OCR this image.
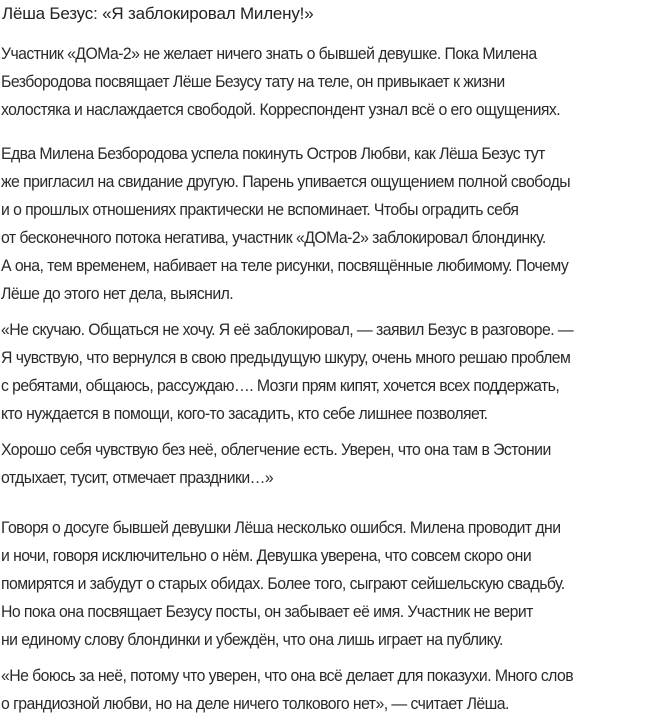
Лёша Безус: «Я заблокировал Милену!»
Участник «ДОМа-2» не желает ничего знать о бывшей девушке. Пока Милена
Безбородова посвящает Лёше Безусу тату на теле, он привыкает к жизни
холостяка и наслаждается свободой. Корреспондент узнал всё о его ощущениях.
Едва Милена Безбородова успела покинуть Остров Любви, как Лёша Безус тут
же пригласил на свидание другую. Парень упивается ощущением полной свободы
и о прошлых отношениях практически не вспоминает. Чтобы оградить себя
от бесконечного потока негатива, участник «ДОМа-2» заблокировал блондинку.
А она, тем временем, набивает на теле рисунки, посвящённые любимому. Почему
Лёше до этого нет дела, выяснил.
«Не скучаю. Общаться не хочу. Я её заблокировал, — заявил Безус в разговоре. —
Я чувствую, что вернулся в свою предыдущую шкуру, очень много решаю проблем
с ребятами, общаюсь, рассуждаю…. Мозги прям кипят, хочется всех поддержать,
кто нуждается в помощи, кого-то засадить, кто себе лишнее позволяет.
Хорошо себя чувствую без неё, облегчение есть. Уверен, что она там в Эстонии
отдыхает, тусит, отмечает праздники…»
Говоря о досуге бывшей девушки Лёша несколько ошибся. Милена проводит дни
и ночи, говоря исключительно о нём. Девушка уверена, что совсем скоро они
помирятся и забудут о старых обидах. Более того, сыграют сейшельскую свадьбу.
Но пока она посвящает Безусу посты, он забывает её имя. Участник не верит
ни единому слову блондинки и убеждён, что она лишь играет на публику.
«Не боюсь за неё, потому что уверен, что она всё делает для показухи. Много слов
о грандиозной любви, но на деле ничего толкового нет», — считает Лёша.
